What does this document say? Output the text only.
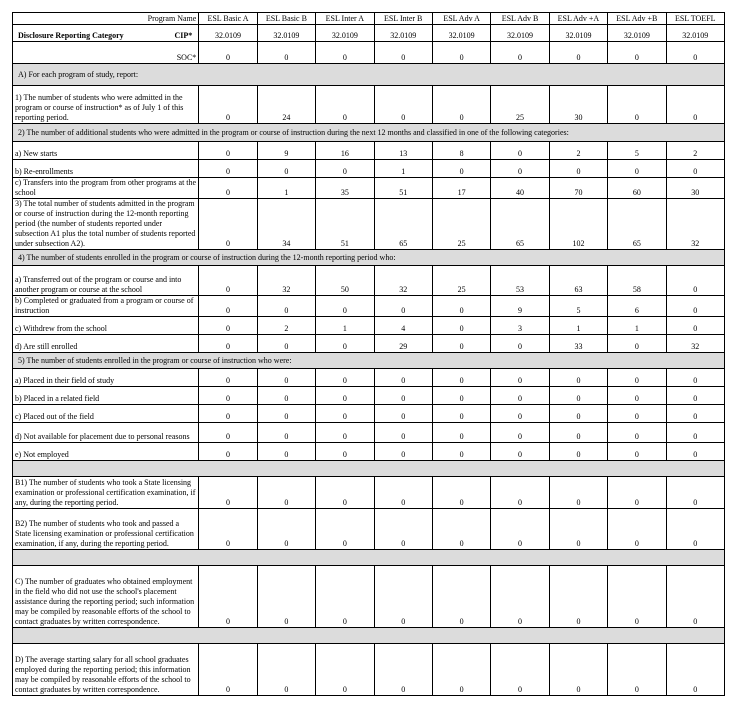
Program Name	ESL Basic A	ESL Basic B	ESL Inter A	ESL Inter B	ESL Adv A	ESL Adv B	ESL Adv +A	ESL Adv +B	ESL TOEFL
Disclosure Reporting Category CIP*	32.0109	32.0109	32.0109	32.0109	32.0109	32.0109	32.0109	32.0109	32.0109
SOC*	0	0	0	0	0	0	0	0	0
A) For each program of study, report:									
1) The number of students who were admitted in the program or course of instruction* as of July 1 of this reporting period.	0	24	0	0	0	25	30	0	0
2) The number of additional students who were admitted in the program or course of instruction during the next 12 months and classified in one of the following categories:									
a) New starts	0	9	16	13	8	0	2	5	2
b) Re-enrollments	0	0	0	1	0	0	0	0	0
c) Transfers into the program from other programs at the school	0	1	35	51	17	40	70	60	30
3) The total number of students admitted in the program or course of instruction during the 12-month reporting period (the number of students reported under subsection A1 plus the total number of students reported under subsection A2).	0	34	51	65	25	65	102	65	32
4) The number of students enrolled in the program or course of instruction during the 12-month reporting period who:									
a) Transferred out of the program or course and into another program or course at the school	0	32	50	32	25	53	63	58	0
b) Completed or graduated from a program or course of instruction	0	0	0	0	0	9	5	6	0
c) Withdrew from the school	0	2	1	4	0	3	1	1	0
d) Are still enrolled	0	0	0	29	0	0	33	0	32
5) The number of students enrolled in the program or course of instruction who were:									
a) Placed in their field of study	0	0	0	0	0	0	0	0	0
b) Placed in a related field	0	0	0	0	0	0	0	0	0
c) Placed out of the field	0	0	0	0	0	0	0	0	0
d) Not available for placement due to personal reasons	0	0	0	0	0	0	0	0	0
e) Not employed	0	0	0	0	0	0	0	0	0

B1) The number of students who took a State licensing examination or professional certification examination, if any, during the reporting period.	0	0	0	0	0	0	0	0	0
B2) The number of students who took and passed a State licensing examination or professional certification examination, if any, during the reporting period.	0	0	0	0	0	0	0	0	0

C) The number of graduates who obtained employment in the field who did not use the school's placement assistance during the reporting period; such information may be compiled by reasonable efforts of the school to contact graduates by written correspondence.	0	0	0	0	0	0	0	0	0

D) The average starting salary for all school graduates employed during the reporting period; this information may be compiled by reasonable efforts of the school to contact graduates by written correspondence.	0	0	0	0	0	0	0	0	0
